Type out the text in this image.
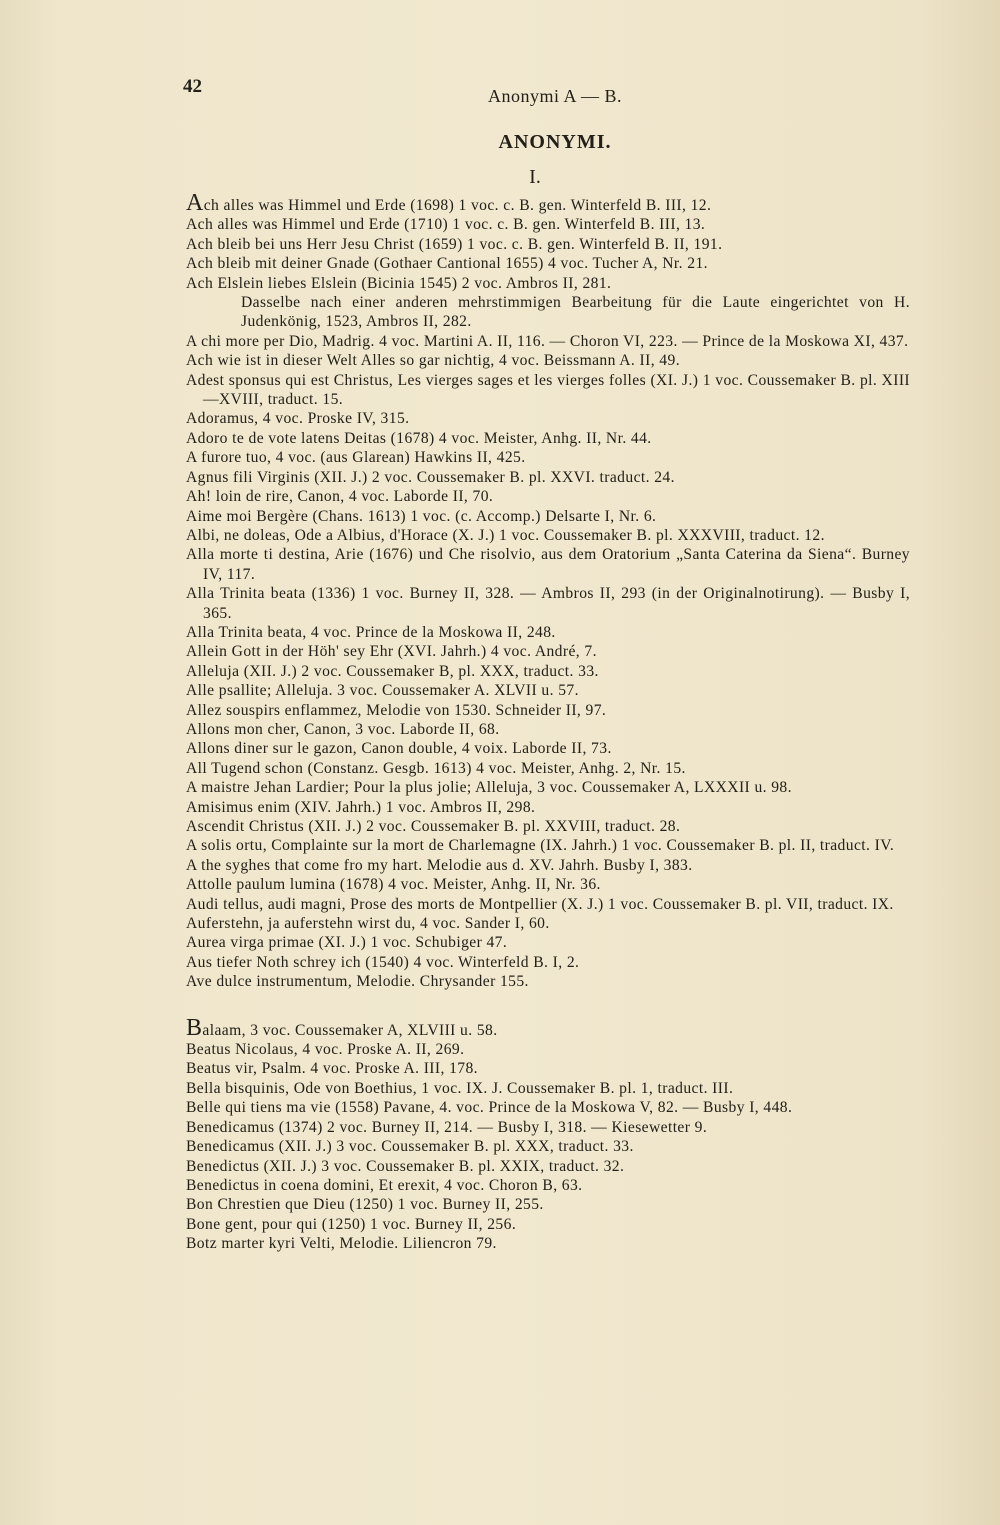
42	Anonymi A — B.
ANONYMI.
I.
Ach alles was Himmel und Erde (1698) 1 voc. c. B. gen. Winterfeld B. III, 12.
Ach alles was Himmel und Erde (1710) 1 voc. c. B. gen. Winterfeld B. III, 13.
Ach bleib bei uns Herr Jesu Christ (1659) 1 voc. c. B. gen. Winterfeld B. II, 191.
Ach bleib mit deiner Gnade (Gothaer Cantional 1655) 4 voc. Tucher A, Nr. 21.
Ach Elslein liebes Elslein (Bicinia 1545) 2 voc. Ambros II, 281.
Dasselbe nach einer anderen mehrstimmigen Bearbeitung für die Laute eingerichtet von H. Judenkönig, 1523, Ambros II, 282.
A chi more per Dio, Madrig. 4 voc. Martini A. II, 116. — Choron VI, 223. — Prince de la Moskowa XI, 437.
Ach wie ist in dieser Welt Alles so gar nichtig, 4 voc. Beissmann A. II, 49.
Adest sponsus qui est Christus, Les vierges sages et les vierges folles (XI. J.) 1 voc. Coussemaker B. pl. XIII—XVIII, traduct. 15.
Adoramus, 4 voc. Proske IV, 315.
Adoro te de vote latens Deitas (1678) 4 voc. Meister, Anhg. II, Nr. 44.
A furore tuo, 4 voc. (aus Glarean) Hawkins II, 425.
Agnus fili Virginis (XII. J.) 2 voc. Coussemaker B. pl. XXVI. traduct. 24.
Ah! loin de rire, Canon, 4 voc. Laborde II, 70.
Aime moi Bergère (Chans. 1613) 1 voc. (c. Accomp.) Delsarte I, Nr. 6.
Albi, ne doleas, Ode a Albius, d'Horace (X. J.) 1 voc. Coussemaker B. pl. XXXVIII, traduct. 12.
Alla morte ti destina, Arie (1676) und Che risolvio, aus dem Oratorium „Santa Caterina da Siena“. Burney IV, 117.
Alla Trinita beata (1336) 1 voc. Burney II, 328. — Ambros II, 293 (in der Originalnotirung). — Busby I, 365.
Alla Trinita beata, 4 voc. Prince de la Moskowa II, 248.
Allein Gott in der Höh' sey Ehr (XVI. Jahrh.) 4 voc. André, 7.
Alleluja (XII. J.) 2 voc. Coussemaker B, pl. XXX, traduct. 33.
Alle psallite; Alleluja. 3 voc. Coussemaker A. XLVII u. 57.
Allez souspirs enflammez, Melodie von 1530. Schneider II, 97.
Allons mon cher, Canon, 3 voc. Laborde II, 68.
Allons diner sur le gazon, Canon double, 4 voix. Laborde II, 73.
All Tugend schon (Constanz. Gesgb. 1613) 4 voc. Meister, Anhg. 2, Nr. 15.
A maistre Jehan Lardier; Pour la plus jolie; Alleluja, 3 voc. Coussemaker A, LXXXII u. 98.
Amisimus enim (XIV. Jahrh.) 1 voc. Ambros II, 298.
Ascendit Christus (XII. J.) 2 voc. Coussemaker B. pl. XXVIII, traduct. 28.
A solis ortu, Complainte sur la mort de Charlemagne (IX. Jahrh.) 1 voc. Coussemaker B. pl. II, traduct. IV.
A the syghes that come fro my hart. Melodie aus d. XV. Jahrh. Busby I, 383.
Attolle paulum lumina (1678) 4 voc. Meister, Anhg. II, Nr. 36.
Audi tellus, audi magni, Prose des morts de Montpellier (X. J.) 1 voc. Coussemaker B. pl. VII, traduct. IX.
Auferstehn, ja auferstehn wirst du, 4 voc. Sander I, 60.
Aurea virga primae (XI. J.) 1 voc. Schubiger 47.
Aus tiefer Noth schrey ich (1540) 4 voc. Winterfeld B. I, 2.
Ave dulce instrumentum, Melodie. Chrysander 155.
Balaam, 3 voc. Coussemaker A, XLVIII u. 58.
Beatus Nicolaus, 4 voc. Proske A. II, 269.
Beatus vir, Psalm. 4 voc. Proske A. III, 178.
Bella bisquinis, Ode von Boethius, 1 voc. IX. J. Coussemaker B. pl. 1, traduct. III.
Belle qui tiens ma vie (1558) Pavane, 4. voc. Prince de la Moskowa V, 82. — Busby I, 448.
Benedicamus (1374) 2 voc. Burney II, 214. — Busby I, 318. — Kiesewetter 9.
Benedicamus (XII. J.) 3 voc. Coussemaker B. pl. XXX, traduct. 33.
Benedictus (XII. J.) 3 voc. Coussemaker B. pl. XXIX, traduct. 32.
Benedictus in coena domini, Et erexit, 4 voc. Choron B, 63.
Bon Chrestien que Dieu (1250) 1 voc. Burney II, 255.
Bone gent, pour qui (1250) 1 voc. Burney II, 256.
Botz marter kyri Velti, Melodie. Liliencron 79.
